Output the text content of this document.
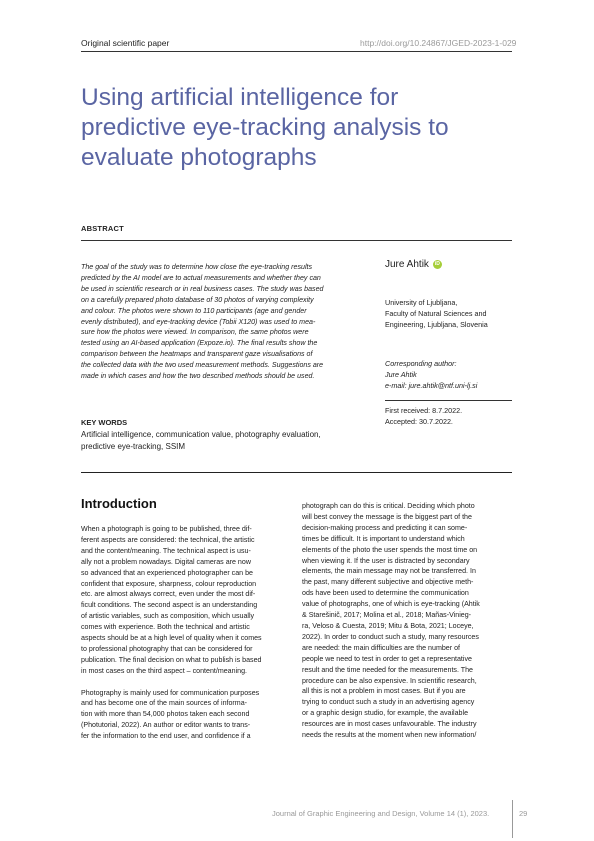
Original scientific paper	http://doi.org/10.24867/JGED-2023-1-029
Using artificial intelligence for predictive eye-tracking analysis to evaluate photographs
ABSTRACT
The goal of the study was to determine how close the eye-tracking results
predicted by the AI model are to actual measurements and whether they can
be used in scientific research or in real business cases. The study was based
on a carefully prepared photo database of 30 photos of varying complexity
and colour. The photos were shown to 110 participants (age and gender
evenly distributed), and eye-tracking device (Tobii X120) was used to mea-
sure how the photos were viewed. In comparison, the same photos were
tested using an AI-based application (Expoze.io). The final results show the
comparison between the heatmaps and transparent gaze visualisations of
the collected data with the two used measurement methods. Suggestions are
made in which cases and how the two described methods should be used.
Jure Ahtik	iD
University of Ljubljana,
Faculty of Natural Sciences and
Engineering, Ljubljana, Slovenia
Corresponding author:
Jure Ahtik
e-mail: jure.ahtik@ntf.uni-lj.si
First received: 8.7.2022.
Accepted: 30.7.2022.
KEY WORDS
Artificial intelligence, communication value, photography evaluation,
predictive eye-tracking, SSIM
Introduction

When a photograph is going to be published, three dif-
ferent aspects are considered: the technical, the artistic
and the content/meaning. The technical aspect is usu-
ally not a problem nowadays. Digital cameras are now
so advanced that an experienced photographer can be
confident that exposure, sharpness, colour reproduction
etc. are almost always correct, even under the most dif-
ficult conditions. The second aspect is an understanding
of artistic variables, such as composition, which usually
comes with experience. Both the technical and artistic
aspects should be at a high level of quality when it comes
to professional photography that can be considered for
publication. The final decision on what to publish is based
in most cases on the third aspect – content/meaning.

Photography is mainly used for communication purposes
and has become one of the main sources of informa-
tion with more than 54,000 photos taken each second
(Photutorial, 2022). An author or editor wants to trans-
fer the information to the end user, and confidence if a

photograph can do this is critical. Deciding which photo
will best convey the message is the biggest part of the
decision-making process and predicting it can some-
times be difficult. It is important to understand which
elements of the photo the user spends the most time on
when viewing it. If the user is distracted by secondary
elements, the main message may not be transferred. In
the past, many different subjective and objective meth-
ods have been used to determine the communication
value of photographs, one of which is eye-tracking (Ahtik
& Starešinič, 2017; Molina et al., 2018; Mañas-Vinieg-
ra, Veloso & Cuesta, 2019; Mitu & Bota, 2021; Loceye,
2022). In order to conduct such a study, many resources
are needed: the main difficulties are the number of
people we need to test in order to get a representative
result and the time needed for the measurements. The
procedure can be also expensive. In scientific research,
all this is not a problem in most cases. But if you are
trying to conduct such a study in an advertising agency
or a graphic design studio, for example, the available
resources are in most cases unfavourable. The industry
needs the results at the moment when new information/

Journal of Graphic Engineering and Design, Volume 14 (1), 2023.	29
